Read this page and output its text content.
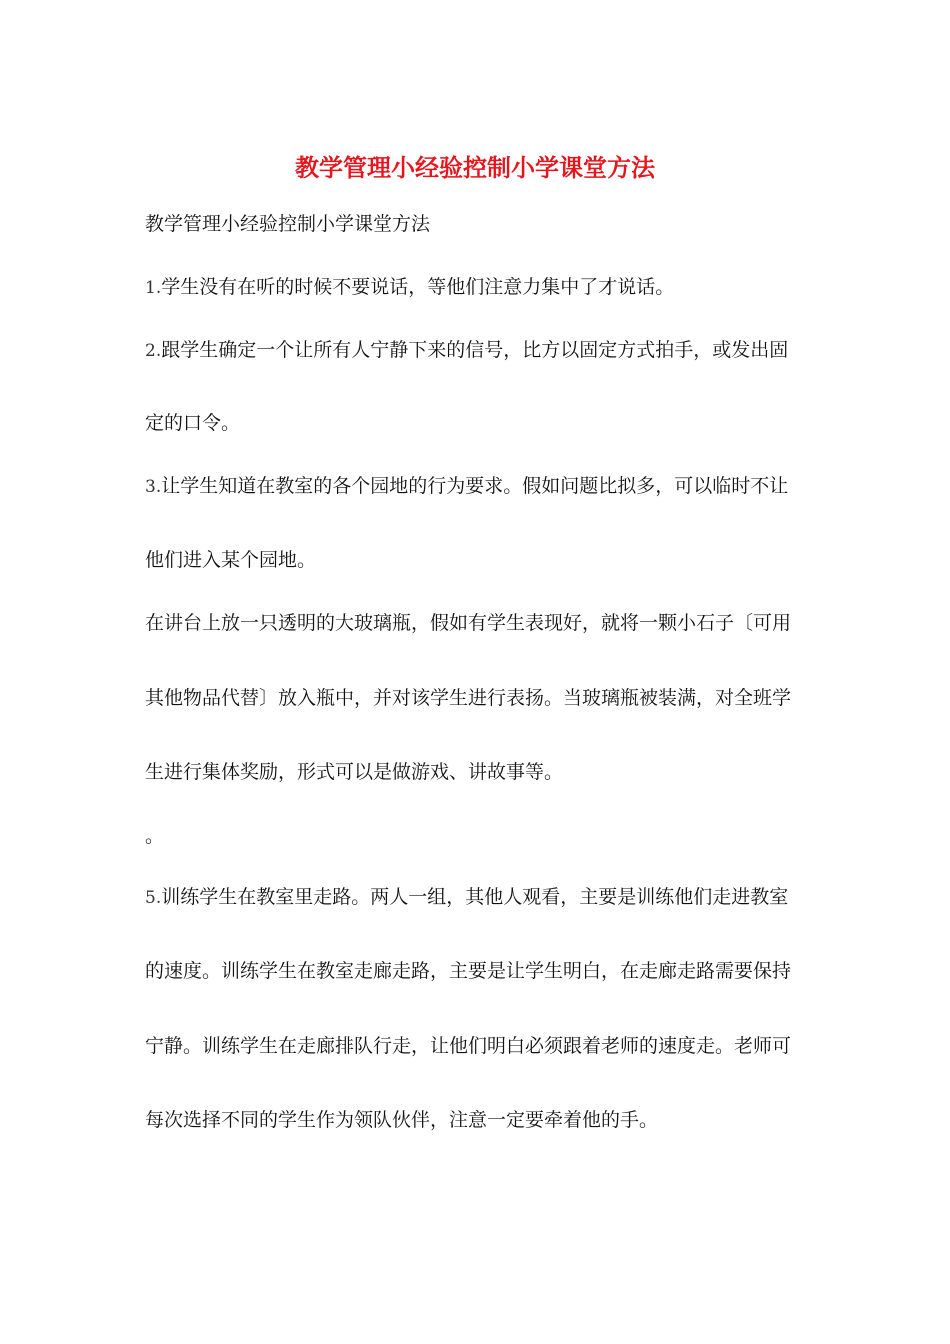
教学管理小经验控制小学课堂方法
教学管理小经验控制小学课堂方法
1.学生没有在听的时候不要说话，等他们注意力集中了才说话。
2.跟学生确定一个让所有人宁静下来的信号，比方以固定方式拍手，或发出固
定的口令。
3.让学生知道在教室的各个园地的行为要求。假如问题比拟多，可以临时不让
他们进入某个园地。
在讲台上放一只透明的大玻璃瓶，假如有学生表现好，就将一颗小石子〔可用
其他物品代替〕放入瓶中，并对该学生进行表扬。当玻璃瓶被装满，对全班学
生进行集体奖励，形式可以是做游戏、讲故事等。
。
5.训练学生在教室里走路。两人一组，其他人观看，主要是训练他们走进教室
的速度。训练学生在教室走廊走路，主要是让学生明白，在走廊走路需要保持
宁静。训练学生在走廊排队行走，让他们明白必须跟着老师的速度走。老师可
每次选择不同的学生作为领队伙伴，注意一定要牵着他的手。
